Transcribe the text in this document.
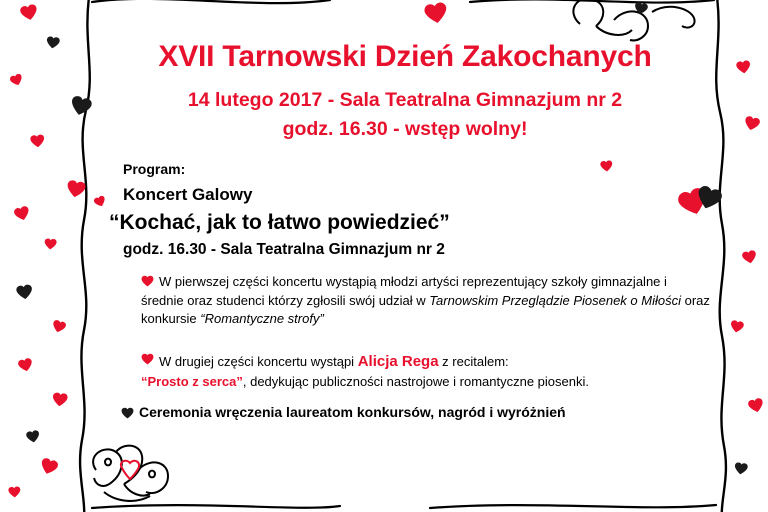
XVII Tarnowski Dzień Zakochanych
14 lutego 2017 - Sala Teatralna Gimnazjum nr 2
godz. 16.30 - wstęp wolny!
Program:
Koncert Galowy
“Kochać, jak to łatwo powiedzieć”
godz. 16.30 - Sala Teatralna Gimnazjum nr 2
W pierwszej części koncertu wystąpią młodzi artyści reprezentujący szkoły gimnazjalne i średnie oraz studenci którzy zgłosili swój udział w Tarnowskim Przeglądzie Piosenek o Miłości oraz konkursie “Romantyczne strofy”
W drugiej części koncertu wystąpi Alicja Rega z recitalem:
“Prosto z serca”, dedykując publiczności nastrojowe i romantyczne piosenki.
Ceremonia wręczenia laureatom konkursów, nagród i wyróżnień
